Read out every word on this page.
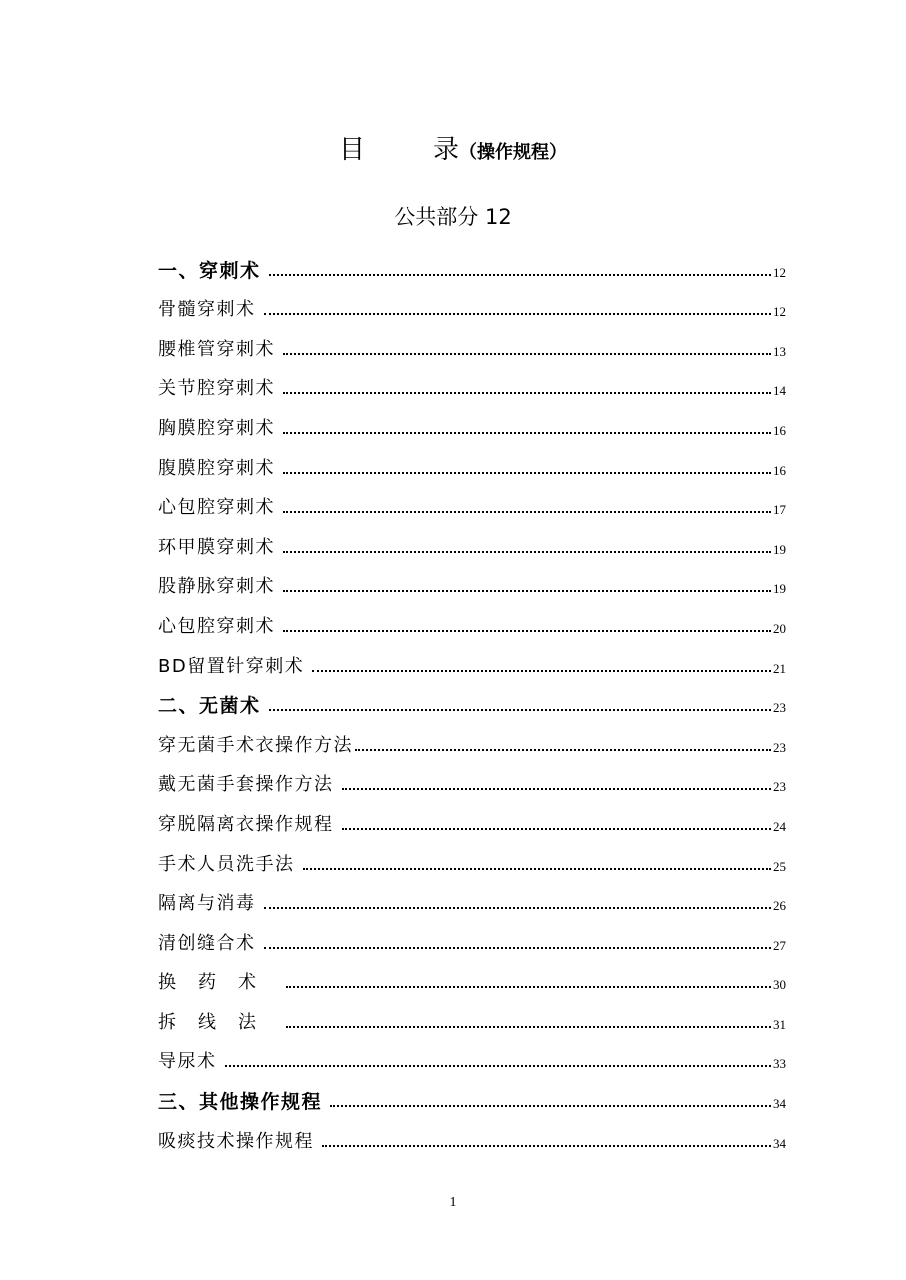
目	录（操作规程）
公共部分 12
一、穿刺术	12
骨髓穿刺术	12
腰椎管穿刺术	13
关节腔穿刺术	14
胸膜腔穿刺术	16
腹膜腔穿刺术	16
心包腔穿刺术	17
环甲膜穿刺术	19
股静脉穿刺术	19
心包腔穿刺术	20
BD留置针穿刺术	21
二、无菌术	23
穿无菌手术衣操作方法	23
戴无菌手套操作方法	23
穿脱隔离衣操作规程	24
手术人员洗手法	25
隔离与消毒	26
清创缝合术	27
换药术	30
拆线法	31
导尿术	33
三、其他操作规程	34
吸痰技术操作规程	34
1
